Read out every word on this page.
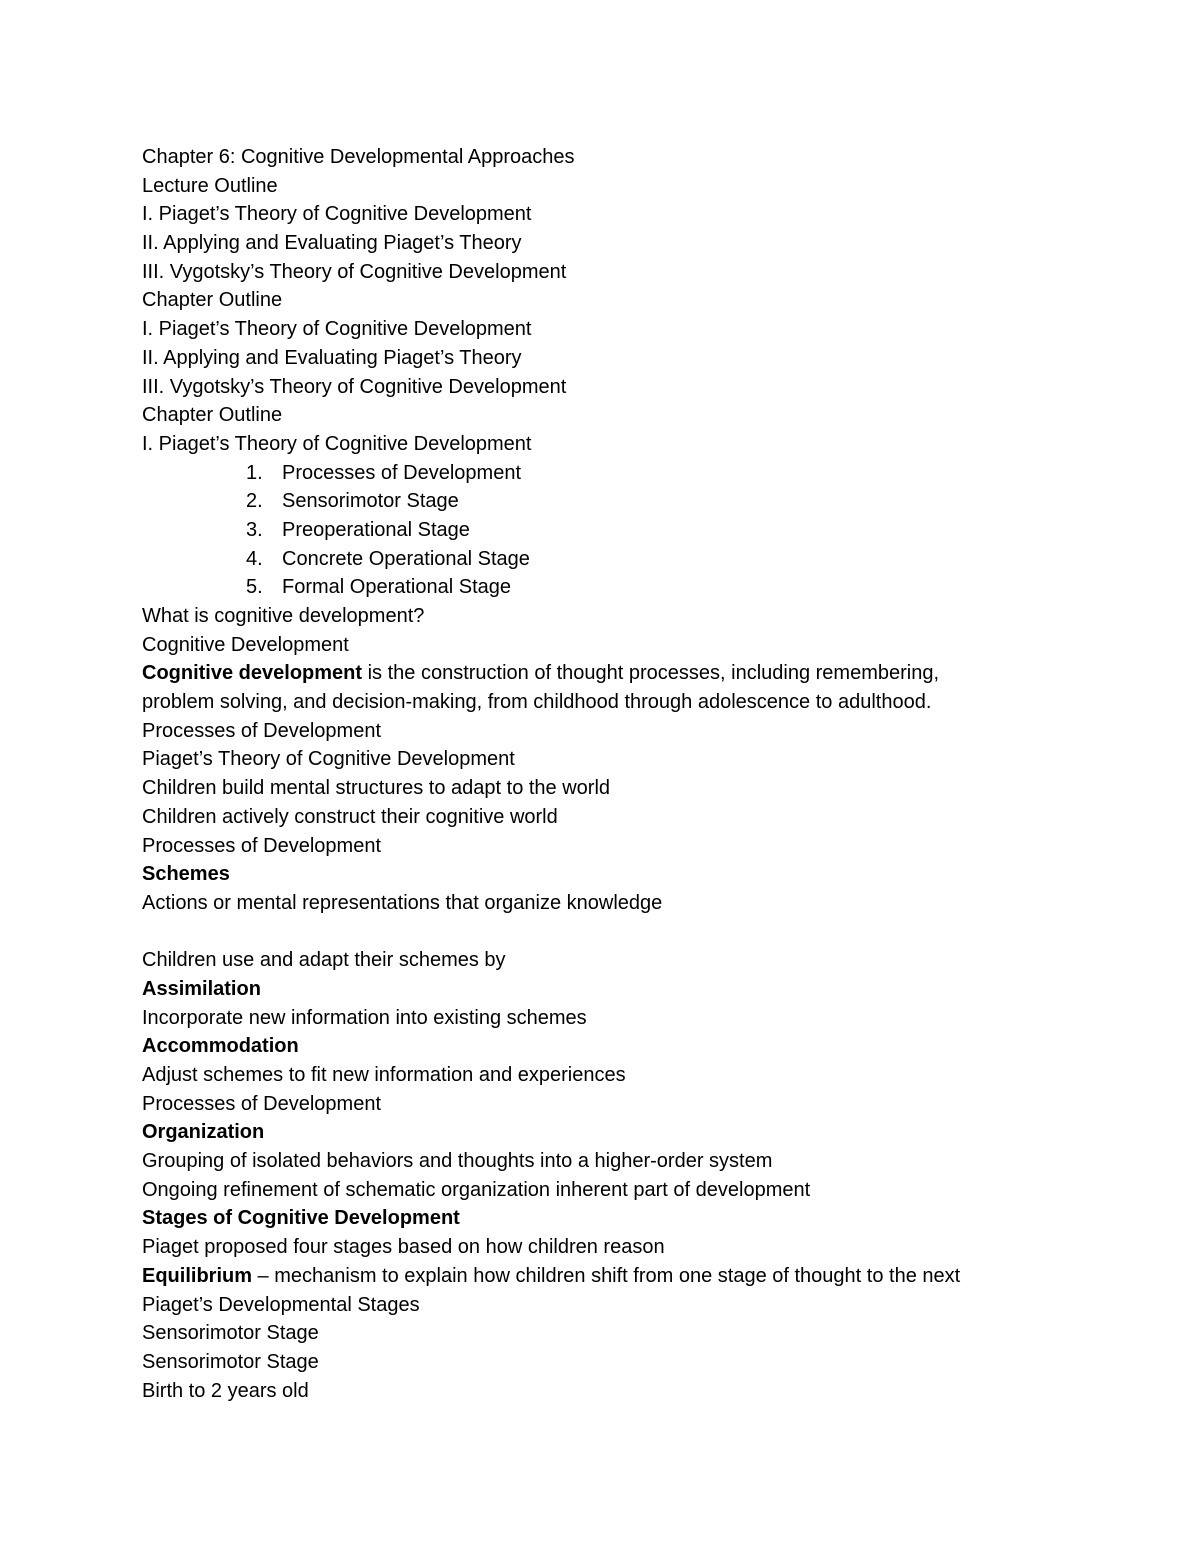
Chapter 6: Cognitive Developmental Approaches
Lecture Outline
I. Piaget’s Theory of Cognitive Development
II. Applying and Evaluating Piaget’s Theory
III. Vygotsky’s Theory of Cognitive Development
Chapter Outline
I. Piaget’s Theory of Cognitive Development
II. Applying and Evaluating Piaget’s Theory
III. Vygotsky’s Theory of Cognitive Development
Chapter Outline
I. Piaget’s Theory of Cognitive Development
1. Processes of Development
2. Sensorimotor Stage
3. Preoperational Stage
4. Concrete Operational Stage
5. Formal Operational Stage
What is cognitive development?
Cognitive Development
Cognitive development is the construction of thought processes, including remembering,
problem solving, and decision-making, from childhood through adolescence to adulthood.
Processes of Development
Piaget’s Theory of Cognitive Development
Children build mental structures to adapt to the world
Children actively construct their cognitive world
Processes of Development
Schemes
Actions or mental representations that organize knowledge
Children use and adapt their schemes by
Assimilation
Incorporate new information into existing schemes
Accommodation
Adjust schemes to fit new information and experiences
Processes of Development
Organization
Grouping of isolated behaviors and thoughts into a higher-order system
Ongoing refinement of schematic organization inherent part of development
Stages of Cognitive Development
Piaget proposed four stages based on how children reason
Equilibrium – mechanism to explain how children shift from one stage of thought to the next
Piaget’s Developmental Stages
Sensorimotor Stage
Sensorimotor Stage
Birth to 2 years old
